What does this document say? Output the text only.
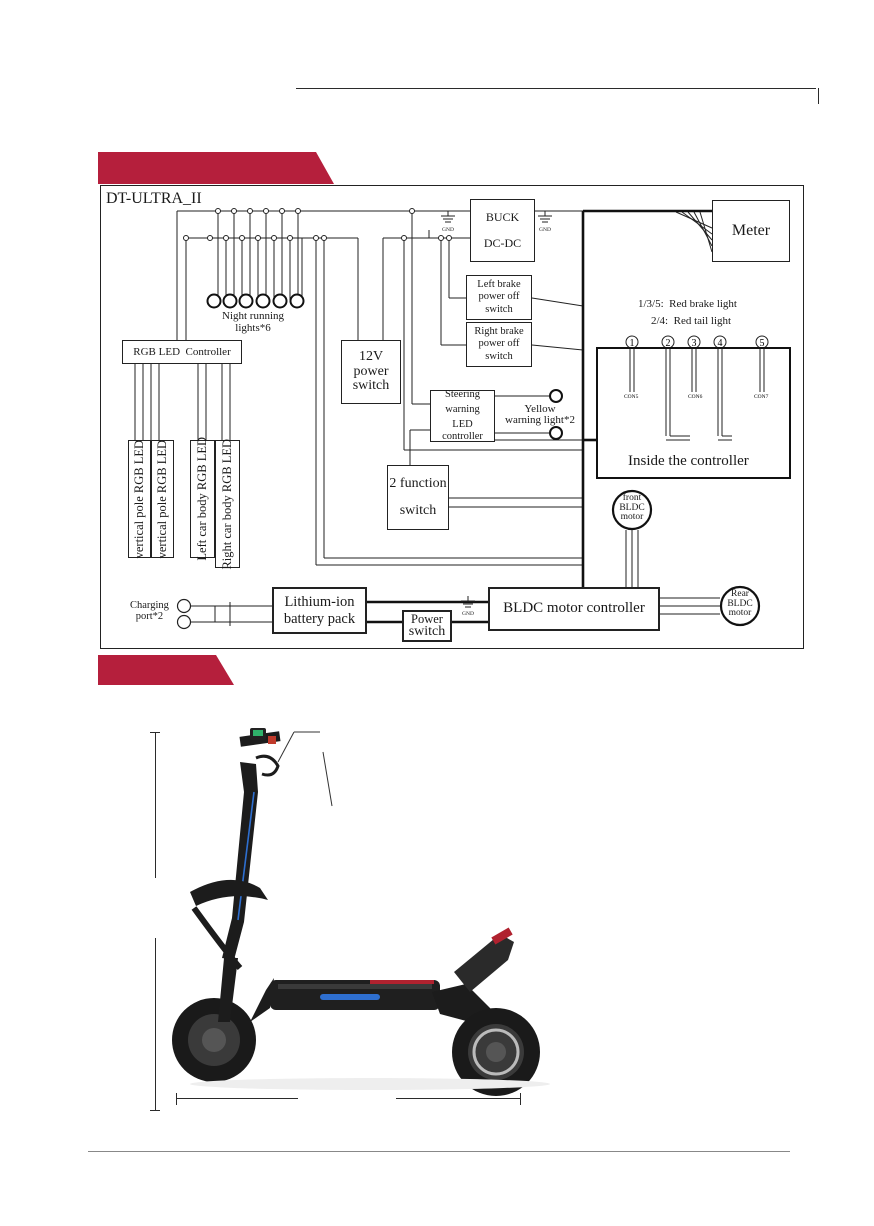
GND	GND
GND
1	2 3 4	5
CON5	CON6	CON7
DT-ULTRA_II
BUCK
DC-DC
Meter
Left brake
power off
switch
Right brake
power off
switch
Night running
lights*6
RGB LED  Controller
vertical pole RGB LED vertical pole RGB LED Left car body RGB LED Right car body RGB LED
12V
power
switch
Steering
warning
LED controller
Yellow
warning light*2
2 function
switch
1/3/5:  Red brake light
2/4:  Red tail light
Inside the controller
front
BLDC
motor
Rear
BLDC
motor
Charging
port*2
Lithium-ion
battery pack	Power
switch
BLDC motor controller
